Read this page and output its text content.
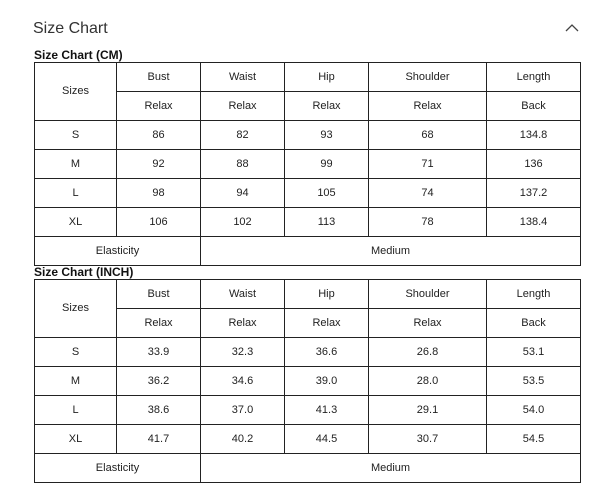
Size Chart
Size Chart (CM)
Sizes	Bust	Waist	Hip	Shoulder	Length
	Relax	Relax	Relax	Relax	Back
S	86	82	93	68	134.8
M	92	88	99	71	136
L	98	94	105	74	137.2
XL	106	102	113	78	138.4
Elasticity		Medium			
Size Chart (INCH)
Sizes	Bust	Waist	Hip	Shoulder	Length
	Relax	Relax	Relax	Relax	Back
S	33.9	32.3	36.6	26.8	53.1
M	36.2	34.6	39.0	28.0	53.5
L	38.6	37.0	41.3	29.1	54.0
XL	41.7	40.2	44.5	30.7	54.5
Elasticity		Medium			
